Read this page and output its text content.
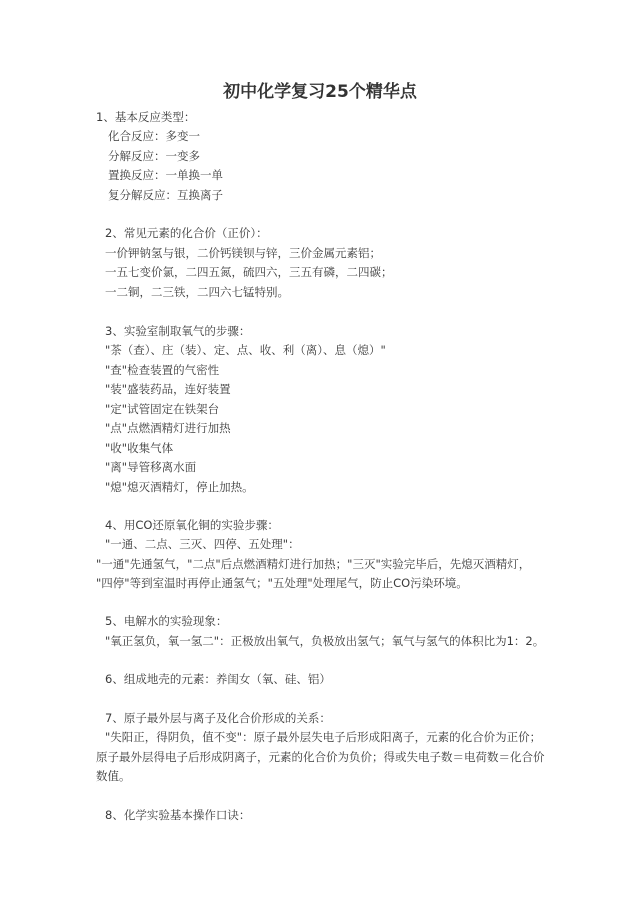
初中化学复习25个精华点
1、基本反应类型：
化合反应：多变一
分解反应：一变多
置换反应：一单换一单
复分解反应：互换离子
2、常见元素的化合价（正价）：
一价钾钠氢与银，二价钙镁钡与锌，三价金属元素铝；
一五七变价氯，二四五氮，硫四六，三五有磷，二四碳；
一二铜，二三铁，二四六七锰特别。
3、实验室制取氧气的步骤：
"茶（查）、庄（装）、定、点、收、利（离）、息（熄）"
"查"检查装置的气密性
"装"盛装药品，连好装置
"定"试管固定在铁架台
"点"点燃酒精灯进行加热
"收"收集气体
"离"导管移离水面
"熄"熄灭酒精灯，停止加热。
4、用CO还原氧化铜的实验步骤：
"一通、二点、三灭、四停、五处理"：
"一通"先通氢气，"二点"后点燃酒精灯进行加热；"三灭"实验完毕后，先熄灭酒精灯，
"四停"等到室温时再停止通氢气；"五处理"处理尾气，防止CO污染环境。
5、电解水的实验现象：
"氧正氢负，氧一氢二"：正极放出氧气，负极放出氢气；氧气与氢气的体积比为1：2。
6、组成地壳的元素：养闺女（氧、硅、铝）
7、原子最外层与离子及化合价形成的关系：
"失阳正，得阴负，值不变"：原子最外层失电子后形成阳离子，元素的化合价为正价；
原子最外层得电子后形成阴离子，元素的化合价为负价；得或失电子数＝电荷数＝化合价
数值。
8、化学实验基本操作口诀：
